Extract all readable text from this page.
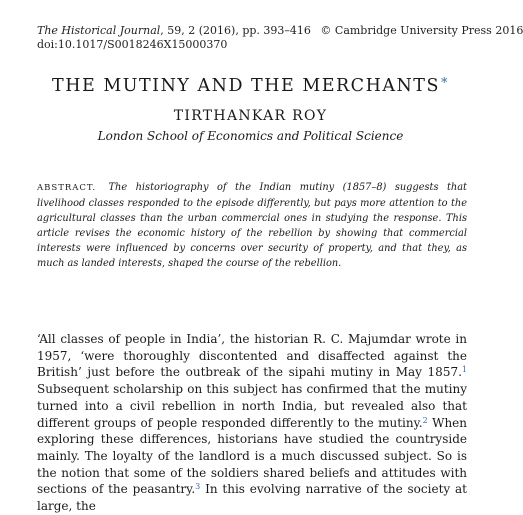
The Historical Journal, 59, 2 (2016), pp. 393–416 © Cambridge University Press 2016
doi:10.1017/S0018246X15000370
THE MUTINY AND THE MERCHANTS*
TIRTHANKAR ROY
London School of Economics and Political Science
ABSTRACT. The historiography of the Indian mutiny (1857–8) suggests that livelihood classes responded to the episode differently, but pays more attention to the agricultural classes than the urban commercial ones in studying the response. This article revises the economic history of the rebellion by showing that commercial interests were influenced by concerns over security of property, and that they, as much as landed interests, shaped the course of the rebellion.
‘All classes of people in India’, the historian R. C. Majumdar wrote in 1957, ‘were thoroughly discontented and disaffected against the British’ just before the outbreak of the sipahi mutiny in May 1857.$^1$ Subsequent scholarship on this subject has confirmed that the mutiny turned into a civil rebellion in north India, but revealed also that different groups of people responded differently to the mutiny.$^2$ When exploring these differences, historians have studied the countryside mainly. The loyalty of the landlord is a much discussed subject. So is the notion that some of the soldiers shared beliefs and attitudes with sections of the peasantry.$^3$ In this evolving narrative of the society at large, the
